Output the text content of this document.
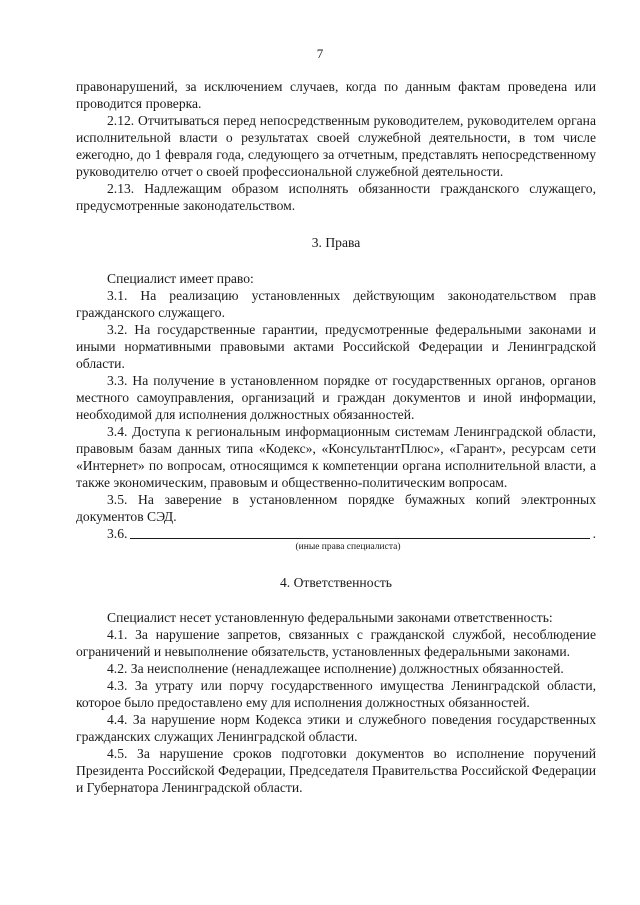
7

правонарушений, за исключением случаев, когда по данным фактам проведена или проводится проверка.

2.12. Отчитываться перед непосредственным руководителем, руководителем органа исполнительной власти о результатах своей служебной деятельности, в том числе ежегодно, до 1 февраля года, следующего за отчетным, представлять непосредственному руководителю отчет о своей профессиональной служебной деятельности.

2.13. Надлежащим образом исполнять обязанности гражданского служащего, предусмотренные законодательством.

3. Права

Специалист имеет право:

3.1. На реализацию установленных действующим законодательством прав гражданского служащего.

3.2. На государственные гарантии, предусмотренные федеральными законами и иными нормативными правовыми актами Российской Федерации и Ленинградской области.

3.3. На получение в установленном порядке от государственных органов, органов местного самоуправления, организаций и граждан документов и иной информации, необходимой для исполнения должностных обязанностей.

3.4. Доступа к региональным информационным системам Ленинградской области, правовым базам данных типа «Кодекс», «КонсультантПлюс», «Гарант», ресурсам сети «Интернет» по вопросам, относящимся к компетенции органа исполнительной власти, а также экономическим, правовым и общественно-политическим вопросам.

3.5. На заверение в установленном порядке бумажных копий электронных документов СЭД.

3.6.	.
(иные права специалиста)
4. Ответственность

Специалист несет установленную федеральными законами ответственность:

4.1. За нарушение запретов, связанных с гражданской службой, несоблюдение ограничений и невыполнение обязательств, установленных федеральными законами.

4.2. За неисполнение (ненадлежащее исполнение) должностных обязанностей.

4.3. За утрату или порчу государственного имущества Ленинградской области, которое было предоставлено ему для исполнения должностных обязанностей.

4.4. За нарушение норм Кодекса этики и служебного поведения государственных гражданских служащих Ленинградской области.

4.5. За нарушение сроков подготовки документов во исполнение поручений Президента Российской Федерации, Председателя Правительства Российской Федерации и Губернатора Ленинградской области.
